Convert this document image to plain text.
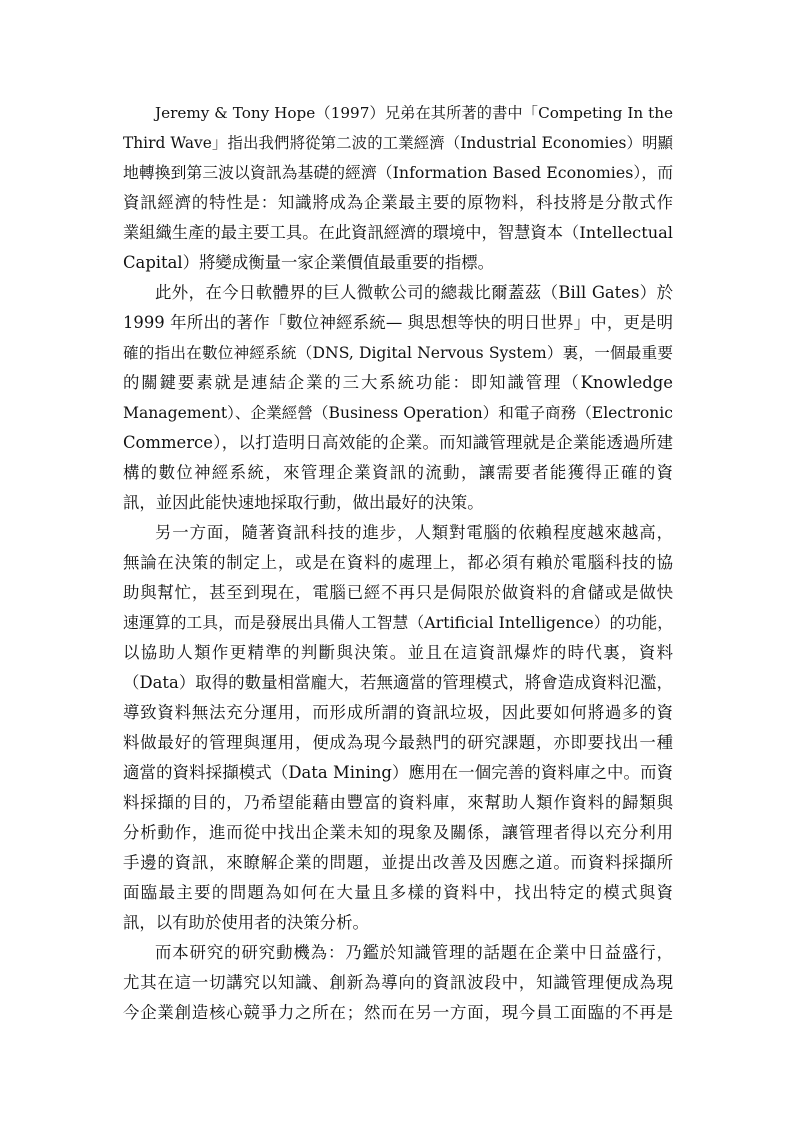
Jeremy & Tony Hope（1997）兄弟在其所著的書中「Competing In the
Third Wave」指出我們將從第二波的工業經濟（Industrial Economies）明顯
地轉換到第三波以資訊為基礎的經濟（Information Based Economies），而
資訊經濟的特性是：知識將成為企業最主要的原物料，科技將是分散式作
業組織生產的最主要工具。在此資訊經濟的環境中，智慧資本（Intellectual
Capital）將變成衡量一家企業價值最重要的指標。
此外，在今日軟體界的巨人微軟公司的總裁比爾蓋茲（Bill Gates）於
1999 年所出的著作「數位神經系統— 與思想等快的明日世界」中，更是明
確的指出在數位神經系統（DNS, Digital Nervous System）裏，一個最重要
的關鍵要素就是連結企業的三大系統功能：即知識管理（Knowledge
Management）、企業經營（Business Operation）和電子商務（Electronic
Commerce），以打造明日高效能的企業。而知識管理就是企業能透過所建
構的數位神經系統，來管理企業資訊的流動，讓需要者能獲得正確的資
訊，並因此能快速地採取行動，做出最好的決策。
另一方面，隨著資訊科技的進步，人類對電腦的依賴程度越來越高，
無論在決策的制定上，或是在資料的處理上，都必須有賴於電腦科技的協
助與幫忙，甚至到現在，電腦已經不再只是侷限於做資料的倉儲或是做快
速運算的工具，而是發展出具備人工智慧（Artificial Intelligence）的功能，
以協助人類作更精準的判斷與決策。並且在這資訊爆炸的時代裏，資料
（Data）取得的數量相當龐大，若無適當的管理模式，將會造成資料氾濫，
導致資料無法充分運用，而形成所謂的資訊垃圾，因此要如何將過多的資
料做最好的管理與運用，便成為現今最熱門的研究課題，亦即要找出一種
適當的資料採擷模式（Data Mining）應用在一個完善的資料庫之中。而資
料採擷的目的，乃希望能藉由豐富的資料庫，來幫助人類作資料的歸類與
分析動作，進而從中找出企業未知的現象及關係，讓管理者得以充分利用
手邊的資訊，來瞭解企業的問題，並提出改善及因應之道。而資料採擷所
面臨最主要的問題為如何在大量且多樣的資料中，找出特定的模式與資
訊，以有助於使用者的決策分析。
而本研究的研究動機為：乃鑑於知識管理的話題在企業中日益盛行，
尤其在這一切講究以知識、創新為導向的資訊波段中，知識管理便成為現
今企業創造核心競爭力之所在；然而在另一方面，現今員工面臨的不再是
